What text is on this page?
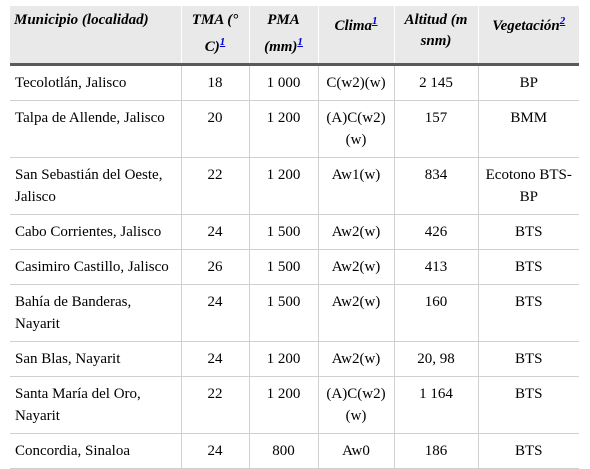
Municipio (localidad)	TMA (° C)$^1$	PMA (mm)$^1$	Clima$^1$	Altitud (m snm)	Vegetación$^2$
Tecolotlán, Jalisco	18	1 000	C(w2)(w)	2 145	BP
Talpa de Allende, Jalisco	20	1 200	(A)C(w2)(w)	157	BMM
San Sebastián del Oeste, Jalisco	22	1 200	Aw1(w)	834	Ecotono BTS-BP
Cabo Corrientes, Jalisco	24	1 500	Aw2(w)	426	BTS
Casimiro Castillo, Jalisco	26	1 500	Aw2(w)	413	BTS
Bahía de Banderas, Nayarit	24	1 500	Aw2(w)	160	BTS
San Blas, Nayarit	24	1 200	Aw2(w)	20, 98	BTS
Santa María del Oro, Nayarit	22	1 200	(A)C(w2)(w)	1 164	BTS
Concordia, Sinaloa	24	800	Aw0	186	BTS
